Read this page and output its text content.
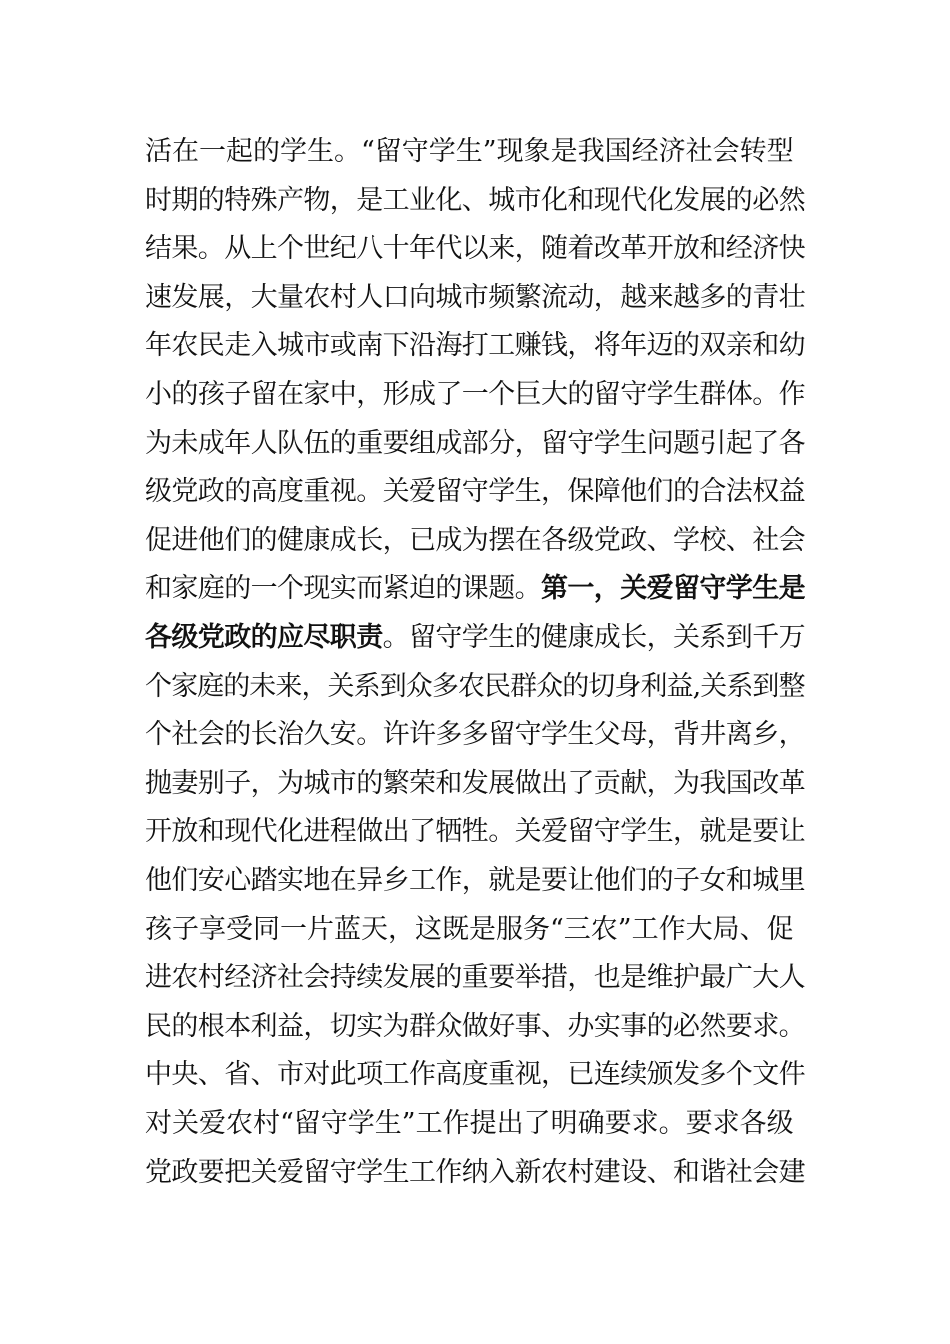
活在一起的学生。“留守学生”现象是我国经济社会转型
时期的特殊产物，是工业化、城市化和现代化发展的必然
结果。从上个世纪八十年代以来，随着改革开放和经济快
速发展，大量农村人口向城市频繁流动，越来越多的青壮
年农民走入城市或南下沿海打工赚钱，将年迈的双亲和幼
小的孩子留在家中，形成了一个巨大的留守学生群体。作
为未成年人队伍的重要组成部分，留守学生问题引起了各
级党政的高度重视。关爱留守学生，保障他们的合法权益
促进他们的健康成长，已成为摆在各级党政、学校、社会
和家庭的一个现实而紧迫的课题。 第一，关爱留守学生是
各级党政的应尽职责 。留守学生的健康成长，关系到千万
个家庭的未来，关系到众多农民群众的切身利益,关系到整
个社会的长治久安。许许多多留守学生父母，背井离乡，
抛妻别子，为城市的繁荣和发展做出了贡献，为我国改革
开放和现代化进程做出了牺牲。关爱留守学生，就是要让
他们安心踏实地在异乡工作，就是要让他们的子女和城里
孩子享受同一片蓝天，这既是服务“三农”工作大局、促
进农村经济社会持续发展的重要举措，也是维护最广大人
民的根本利益，切实为群众做好事、办实事的必然要求。
中央、省、市对此项工作高度重视，已连续颁发多个文件
对关爱农村“留守学生”工作提出了明确要求。要求各级
党政要把关爱留守学生工作纳入新农村建设、和谐社会建
